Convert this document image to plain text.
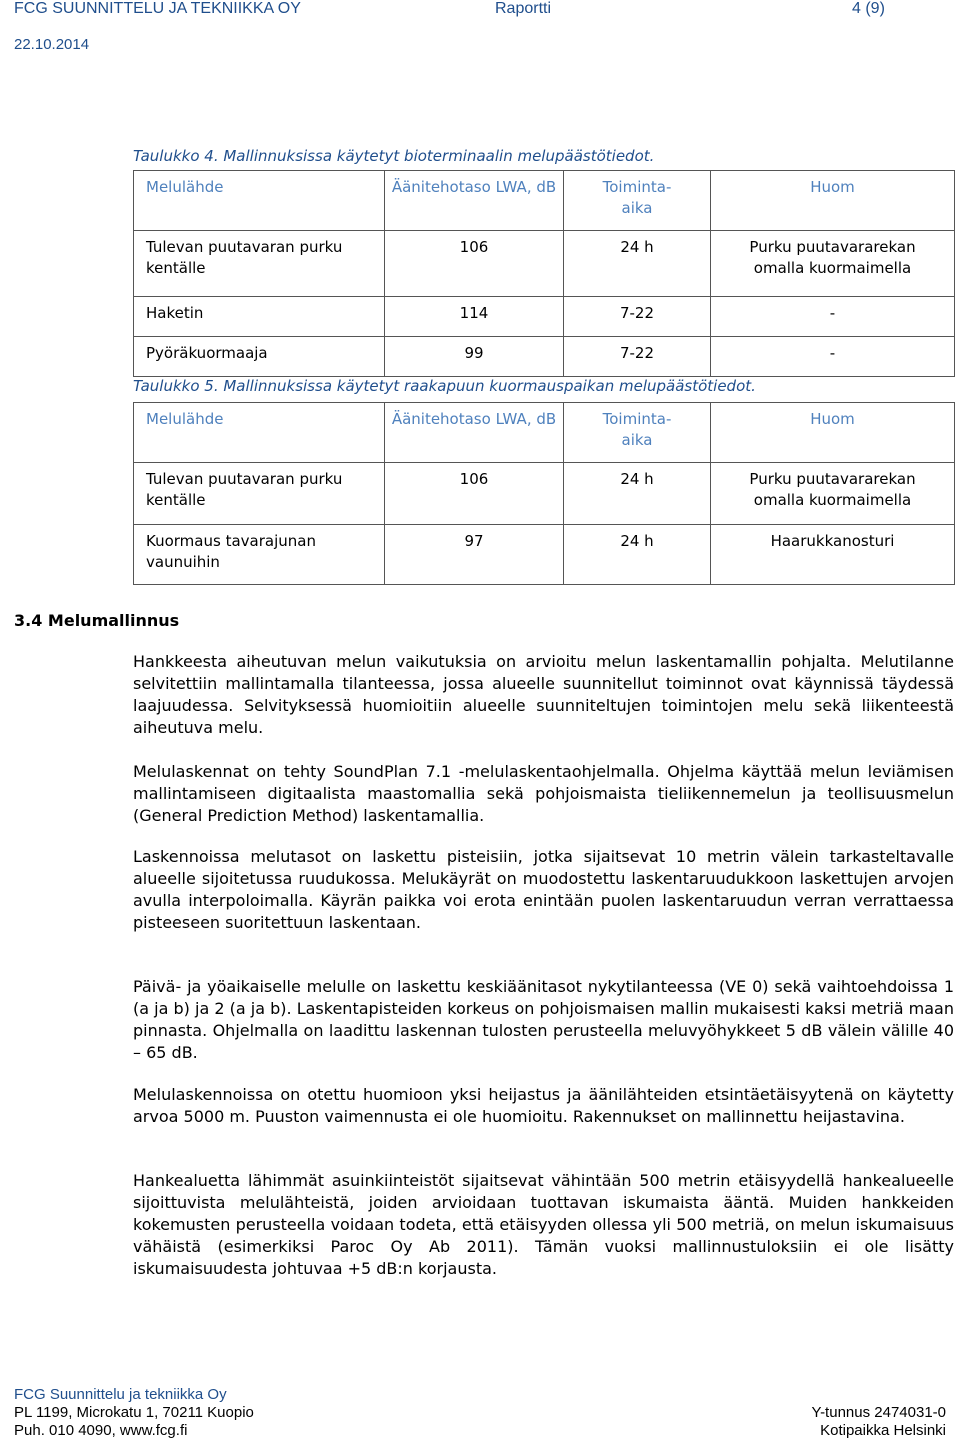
FCG SUUNNITTELU JA TEKNIIKKA OY
22.10.2014
Raportti	4 (9)
Taulukko 4. Mallinnuksissa käytetyt bioterminaalin melupäästötiedot.
Melulähde	Äänitehotaso LWA, dB	Toiminta-aika	Huom

Tulevan puutavaran purku kentälle	106	24 h	Purku puutavararekan omalla kuormaimella

Haketin	114	7-22	-

Pyöräkuormaaja	99	7-22	-
Taulukko 5. Mallinnuksissa käytetyt raakapuun kuormauspaikan melupäästötiedot.
Melulähde	Äänitehotaso LWA, dB	Toiminta-aika	Huom

Tulevan puutavaran purku kentälle	106	24 h	Purku puutavararekan omalla kuormaimella

Kuormaus tavarajunan vaunuihin	97	24 h	Haarukkanosturi
3.4 Melumallinnus
Hankkeesta aiheutuvan melun vaikutuksia on arvioitu melun laskentamallin pohjalta. Melutilanne selvitettiin mallintamalla tilanteessa, jossa alueelle suunnitellut toiminnot ovat käynnissä täydessä laajuudessa. Selvityksessä huomioitiin alueelle suunniteltujen toimintojen melu sekä liikenteestä aiheutuva melu.
Melulaskennat on tehty SoundPlan 7.1 -melulaskentaohjelmalla. Ohjelma käyttää melun leviämisen mallintamiseen digitaalista maastomallia sekä pohjoismaista tieliikennemelun ja teollisuusmelun (General Prediction Method) laskentamallia.
Laskennoissa melutasot on laskettu pisteisiin, jotka sijaitsevat 10 metrin välein tarkasteltavalle alueelle sijoitetussa ruudukossa. Melukäyrät on muodostettu laskentaruudukkoon laskettujen arvojen avulla interpoloimalla. Käyrän paikka voi erota enintään puolen laskentaruudun verran verrattaessa pisteeseen suoritettuun laskentaan.
Päivä- ja yöaikaiselle melulle on laskettu keskiäänitasot nykytilanteessa (VE 0) sekä vaihtoehdoissa 1 (a ja b) ja 2 (a ja b). Laskentapisteiden korkeus on pohjoismaisen mallin mukaisesti kaksi metriä maan pinnasta. Ohjelmalla on laadittu laskennan tulosten perusteella meluvyöhykkeet 5 dB välein välille 40 – 65 dB.
Melulaskennoissa on otettu huomioon yksi heijastus ja äänilähteiden etsintäetäisyytenä on käytetty arvoa 5000 m. Puuston vaimennusta ei ole huomioitu. Rakennukset on mallinnettu heijastavina.
Hankealuetta lähimmät asuinkiinteistöt sijaitsevat vähintään 500 metrin etäisyydellä hankealueelle sijoittuvista melulähteistä, joiden arvioidaan tuottavan iskumaista ääntä. Muiden hankkeiden kokemusten perusteella voidaan todeta, että etäisyyden ollessa yli 500 metriä, on melun iskumaisuus vähäistä (esimerkiksi Paroc Oy Ab 2011). Tämän vuoksi mallinnustuloksiin ei ole lisätty iskumaisuudesta johtuvaa +5 dB:n korjausta.
FCG Suunnittelu ja tekniikka Oy
PL 1199, Microkatu 1, 70211 Kuopio
Puh. 010 4090, www.fcg.fi
Y-tunnus 2474031-0
Kotipaikka Helsinki
